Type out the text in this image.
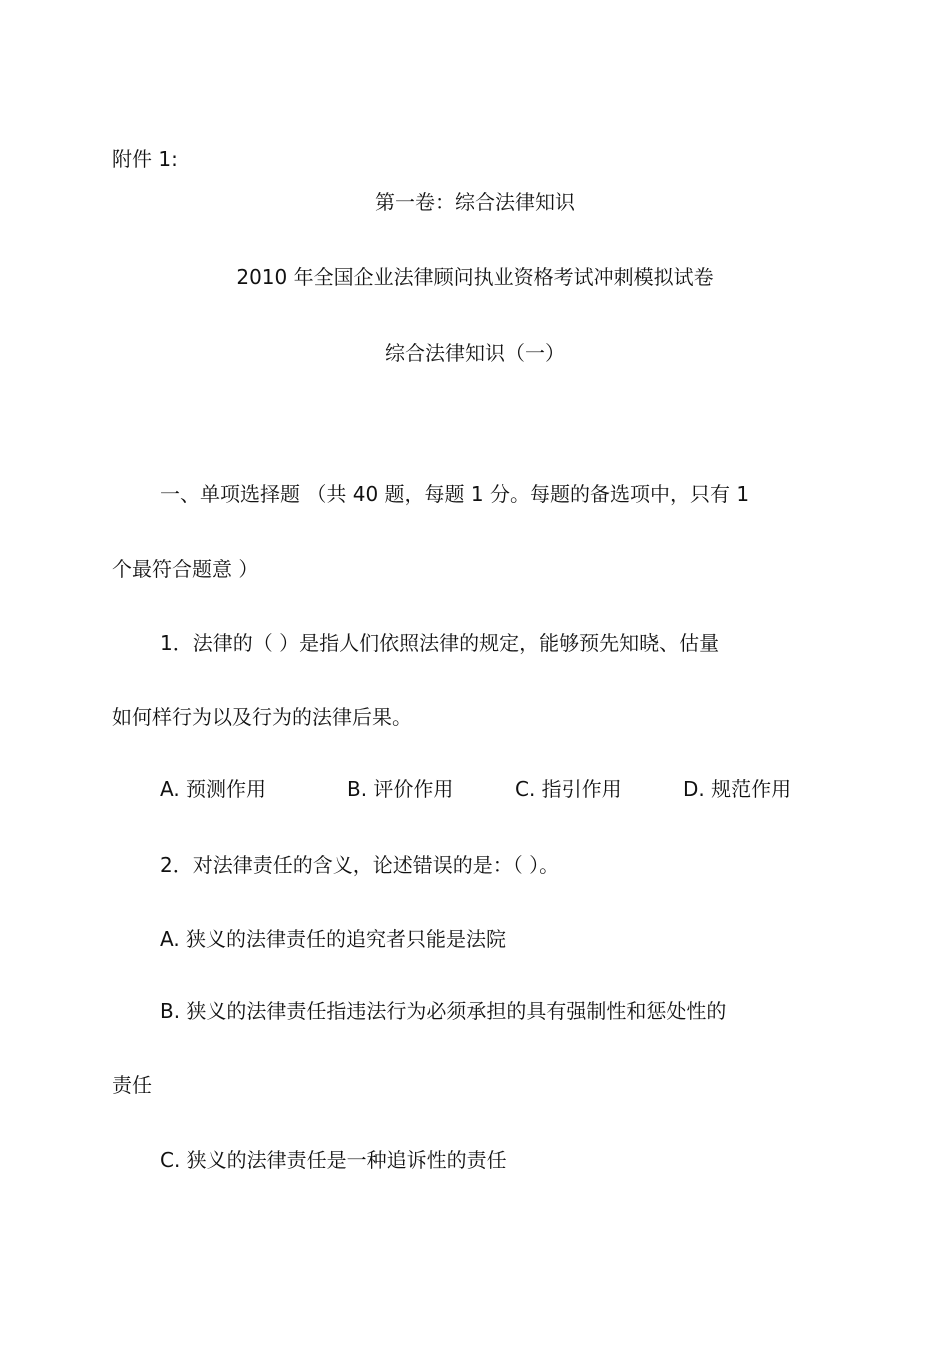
附件 1:
第一卷：综合法律知识
2010 年全国企业法律顾问执业资格考试冲刺模拟试卷
综合法律知识（一）
一、单项选择题 （共 40 题，每题 1 分。每题的备选项中，只有 1
个最符合题意 ）
1．法律的（ ）是指人们依照法律的规定，能够预先知晓、估量
如何样行为以及行为的法律后果。
A. 预测作用	B. 评价作用	C. 指引作用	D. 规范作用
2．对法律责任的含义，论述错误的是：（ ）。
A. 狭义的法律责任的追究者只能是法院
B. 狭义的法律责任指违法行为必须承担的具有强制性和惩处性的
责任
C. 狭义的法律责任是一种追诉性的责任
